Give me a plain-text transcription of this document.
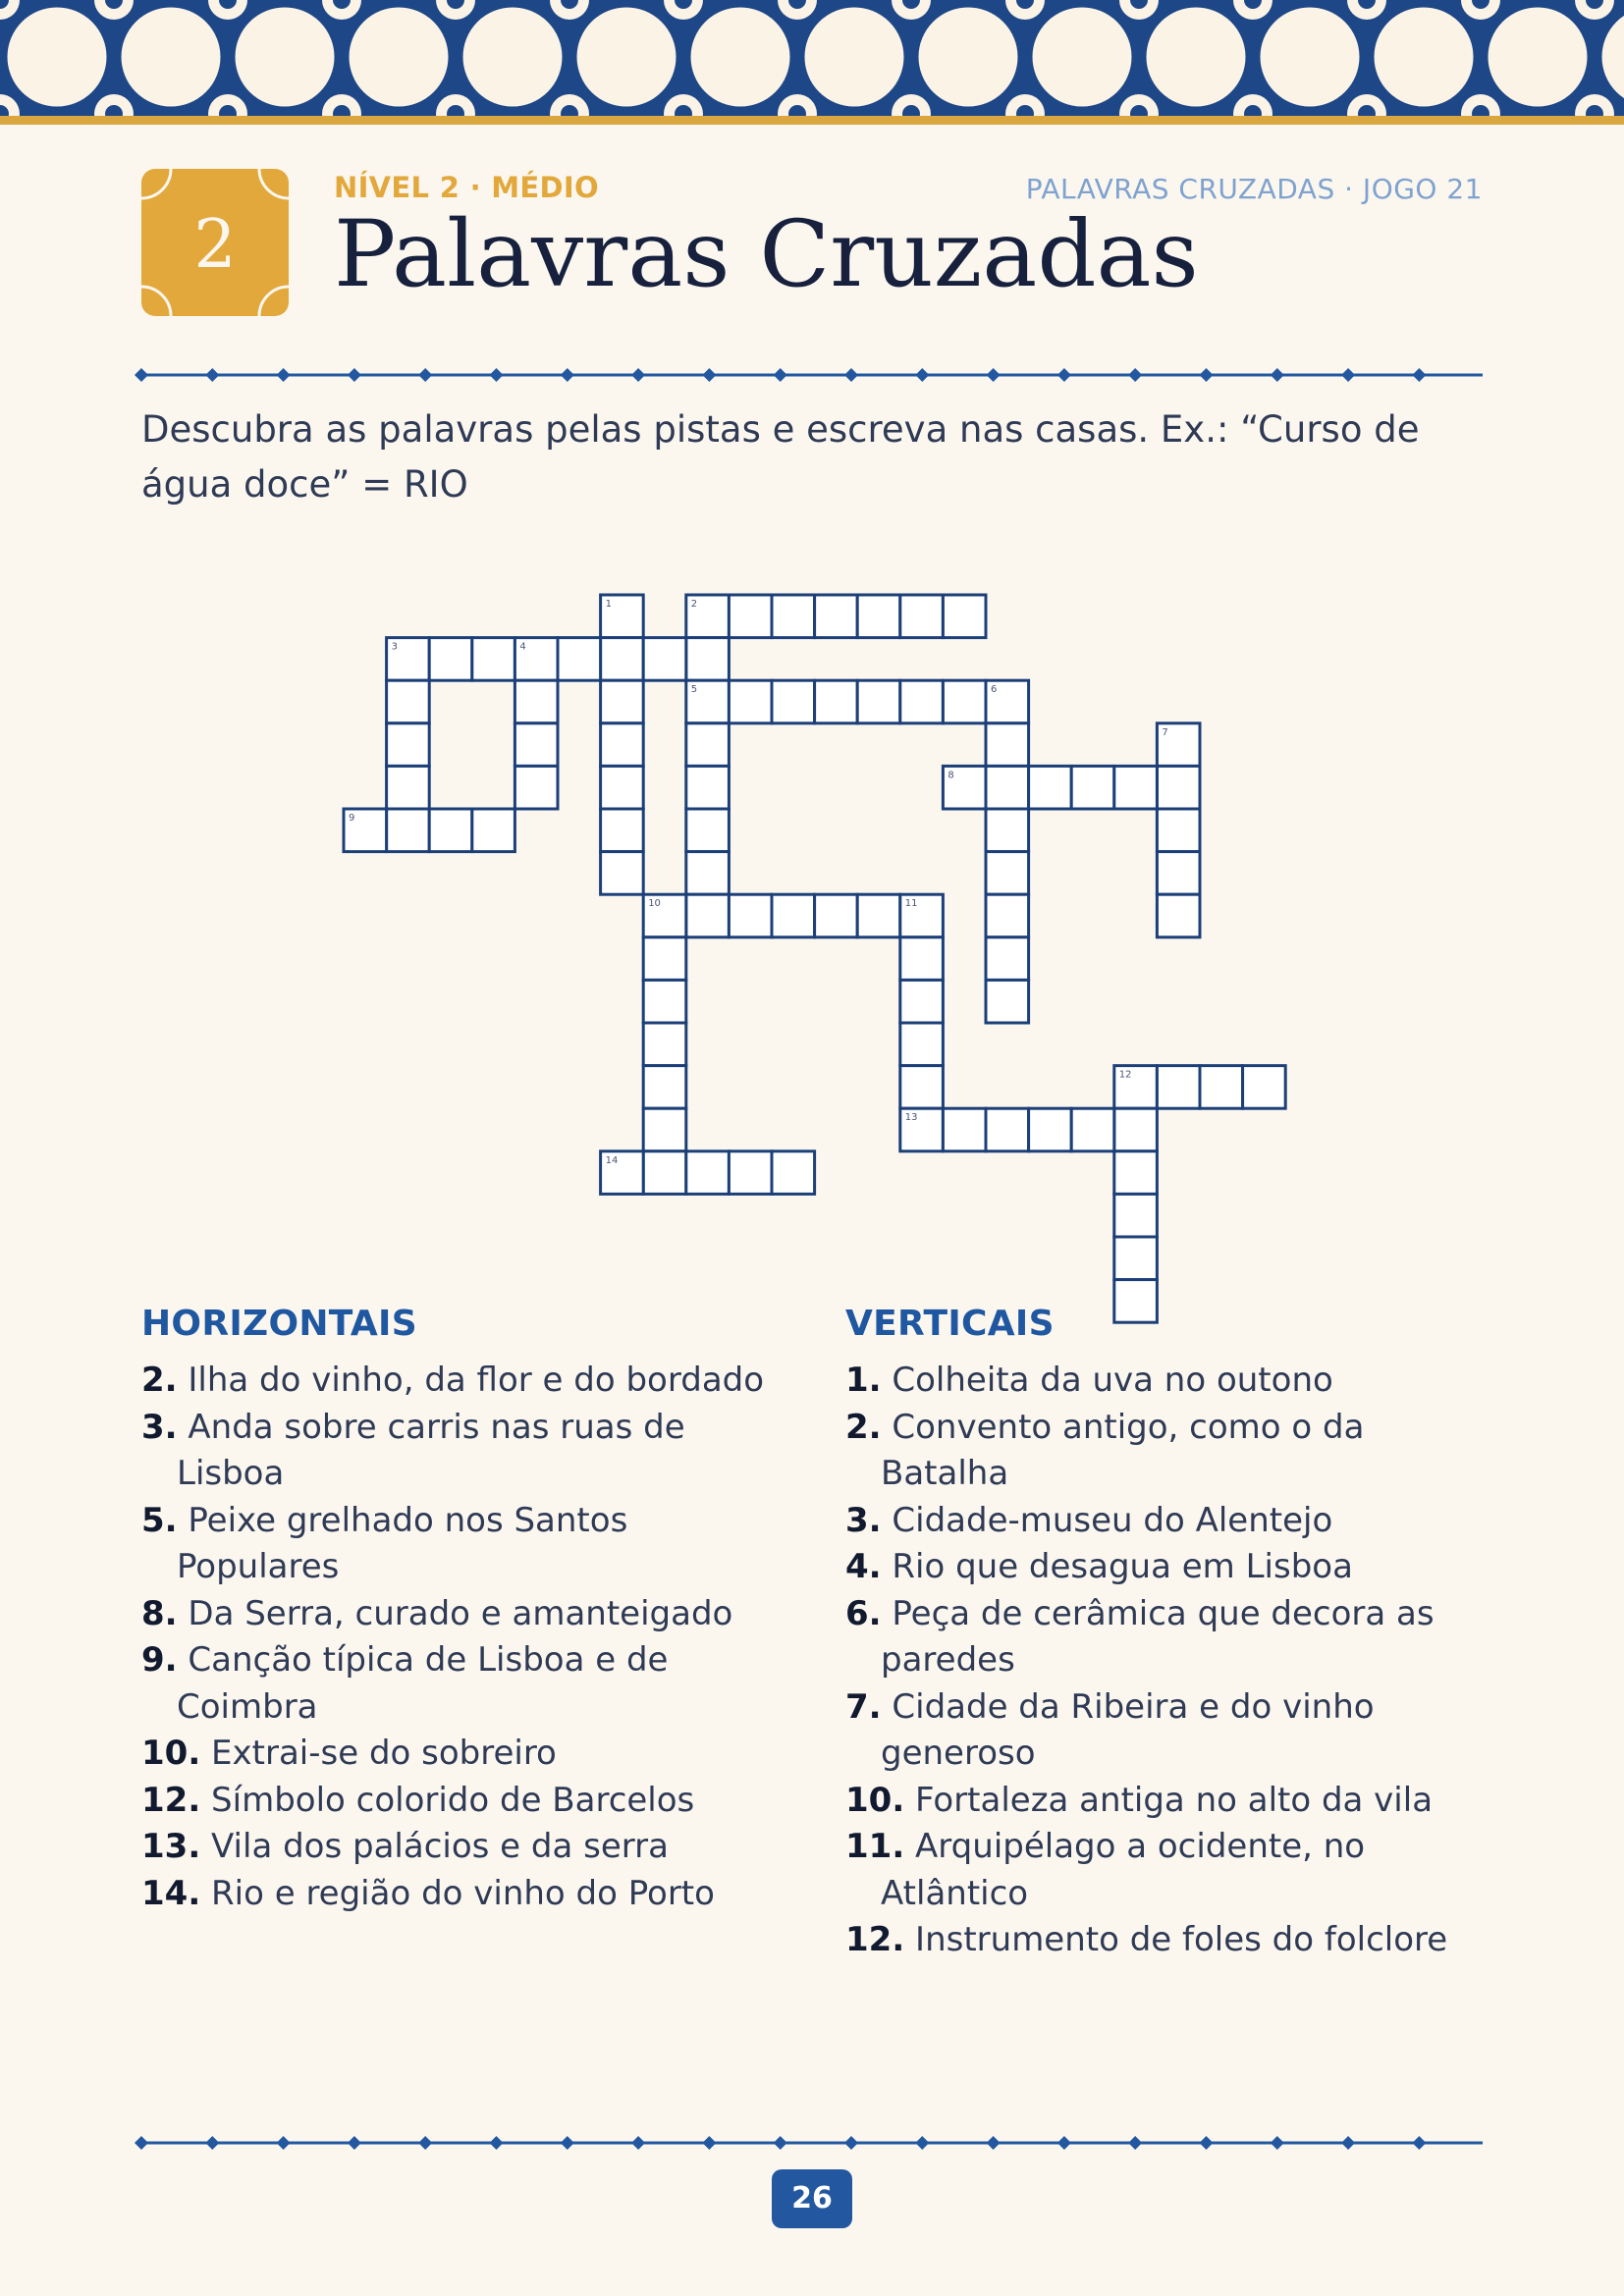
2
NÍVEL 2 · MÉDIO	PALAVRAS CRUZADAS · JOGO 21
Palavras Cruzadas
Descubra as palavras pelas pistas e escreva nas casas. Ex.: “Curso de água doce” = RIO
1	2
3	4
5	6
7
8
9
10	11
12
13
14
HORIZONTAIS
2. Ilha do vinho, da flor e do bordado
3. Anda sobre carris nas ruas de Lisboa
5. Peixe grelhado nos Santos Populares
8. Da Serra, curado e amanteigado
9. Canção típica de Lisboa e de Coimbra
10. Extrai-se do sobreiro
12. Símbolo colorido de Barcelos
13. Vila dos palácios e da serra
14. Rio e região do vinho do Porto
VERTICAIS
1. Colheita da uva no outono
2. Convento antigo, como o da Batalha
3. Cidade-museu do Alentejo
4. Rio que desagua em Lisboa
6. Peça de cerâmica que decora as paredes
7. Cidade da Ribeira e do vinho generoso
10. Fortaleza antiga no alto da vila
11. Arquipélago a ocidente, no Atlântico
12. Instrumento de foles do folclore
26
